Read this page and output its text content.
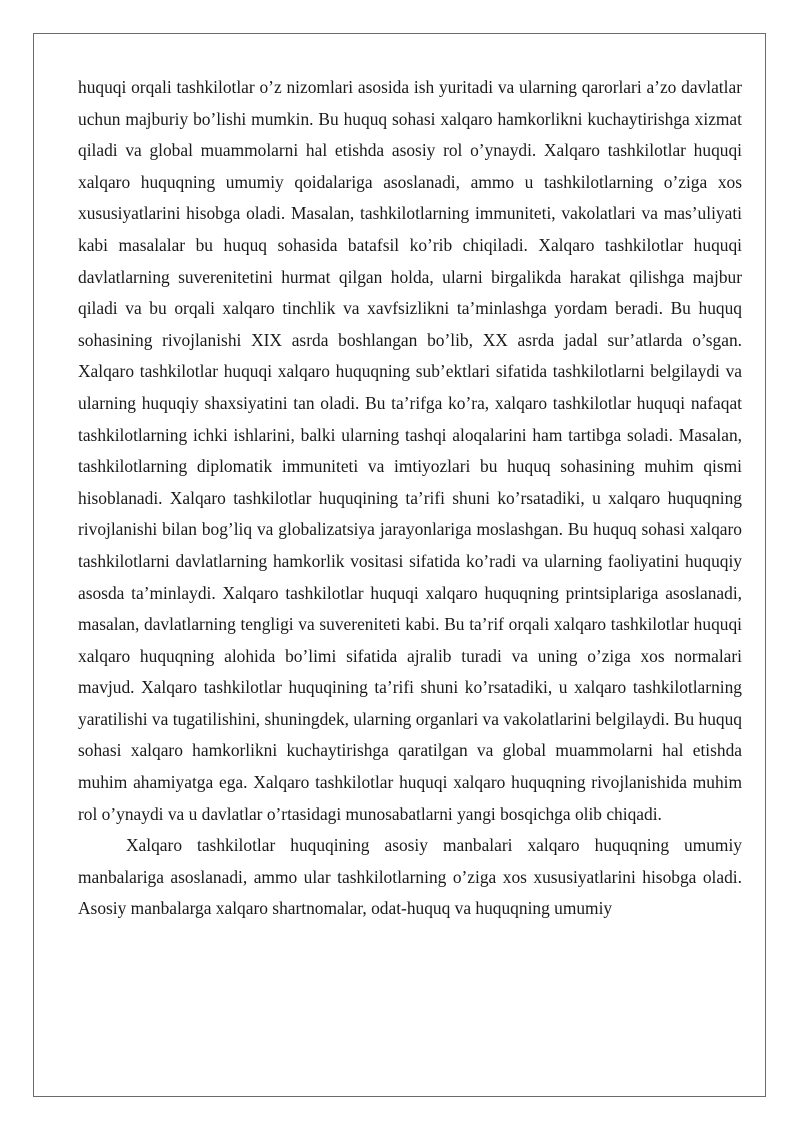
huquqi orqali tashkilotlar o’z nizomlari asosida ish yuritadi va ularning qarorlari a’zo davlatlar uchun majburiy bo’lishi mumkin. Bu huquq sohasi xalqaro hamkorlikni kuchaytirishga xizmat qiladi va global muammolarni hal etishda asosiy rol o’ynaydi. Xalqaro tashkilotlar huquqi xalqaro huquqning umumiy qoidalariga asoslanadi, ammo u tashkilotlarning o’ziga xos xususiyatlarini hisobga oladi. Masalan, tashkilotlarning immuniteti, vakolatlari va mas’uliyati kabi masalalar bu huquq sohasida batafsil ko’rib chiqiladi. Xalqaro tashkilotlar huquqi davlatlarning suverenitetini hurmat qilgan holda, ularni birgalikda harakat qilishga majbur qiladi va bu orqali xalqaro tinchlik va xavfsizlikni ta’minlashga yordam beradi. Bu huquq sohasining rivojlanishi XIX asrda boshlangan bo’lib, XX asrda jadal sur’atlarda o’sgan. Xalqaro tashkilotlar huquqi xalqaro huquqning sub’ektlari sifatida tashkilotlarni belgilaydi va ularning huquqiy shaxsiyatini tan oladi. Bu ta’rifga ko’ra, xalqaro tashkilotlar huquqi nafaqat tashkilotlarning ichki ishlarini, balki ularning tashqi aloqalarini ham tartibga soladi. Masalan, tashkilotlarning diplomatik immuniteti va imtiyozlari bu huquq sohasining muhim qismi hisoblanadi. Xalqaro tashkilotlar huquqining ta’rifi shuni ko’rsatadiki, u xalqaro huquqning rivojlanishi bilan bog’liq va globalizatsiya jarayonlariga moslashgan. Bu huquq sohasi xalqaro tashkilotlarni davlatlarning hamkorlik vositasi sifatida ko’radi va ularning faoliyatini huquqiy asosda ta’minlaydi. Xalqaro tashkilotlar huquqi xalqaro huquqning printsiplariga asoslanadi, masalan, davlatlarning tengligi va suvereniteti kabi. Bu ta’rif orqali xalqaro tashkilotlar huquqi xalqaro huquqning alohida bo’limi sifatida ajralib turadi va uning o’ziga xos normalari mavjud. Xalqaro tashkilotlar huquqining ta’rifi shuni ko’rsatadiki, u xalqaro tashkilotlarning yaratilishi va tugatilishini, shuningdek, ularning organlari va vakolatlarini belgilaydi. Bu huquq sohasi xalqaro hamkorlikni kuchaytirishga qaratilgan va global muammolarni hal etishda muhim ahamiyatga ega. Xalqaro tashkilotlar huquqi xalqaro huquqning rivojlanishida muhim rol o’ynaydi va u davlatlar o’rtasidagi munosabatlarni yangi bosqichga olib chiqadi.

Xalqaro tashkilotlar huquqining asosiy manbalari xalqaro huquqning umumiy manbalariga asoslanadi, ammo ular tashkilotlarning o’ziga xos xususiyatlarini hisobga oladi. Asosiy manbalarga xalqaro shartnomalar, odat-huquq va huquqning umumiy
